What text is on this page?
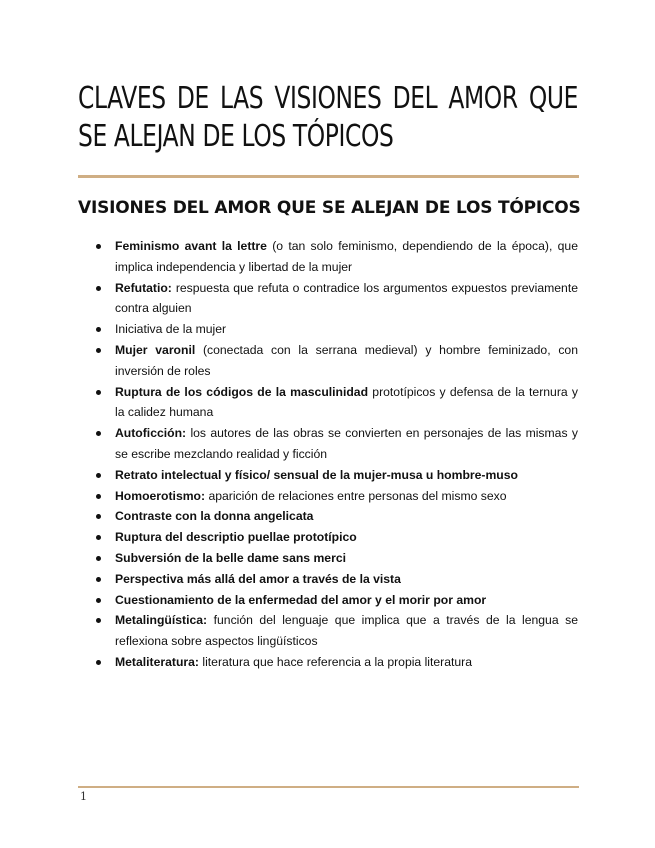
CLAVES DE LAS VISIONES DEL AMOR QUE SE ALEJAN DE LOS TÓPICOS
VISIONES DEL AMOR QUE SE ALEJAN DE LOS TÓPICOS
Feminismo avant la lettre (o tan solo feminismo, dependiendo de la época), que implica independencia y libertad de la mujer
Refutatio: respuesta que refuta o contradice los argumentos expuestos previamente contra alguien
Iniciativa de la mujer
Mujer varonil (conectada con la serrana medieval) y hombre feminizado, con inversión de roles
Ruptura de los códigos de la masculinidad prototípicos y defensa de la ternura y la calidez humana
Autoficción: los autores de las obras se convierten en personajes de las mismas y se escribe mezclando realidad y ficción
Retrato intelectual y físico/ sensual de la mujer-musa u hombre-muso
Homoerotismo: aparición de relaciones entre personas del mismo sexo
Contraste con la donna angelicata
Ruptura del descriptio puellae prototípico
Subversión de la belle dame sans merci
Perspectiva más allá del amor a través de la vista
Cuestionamiento de la enfermedad del amor y el morir por amor
Metalingüística: función del lenguaje que implica que a través de la lengua se reflexiona sobre aspectos lingüísticos
Metaliteratura: literatura que hace referencia a la propia literatura
1
